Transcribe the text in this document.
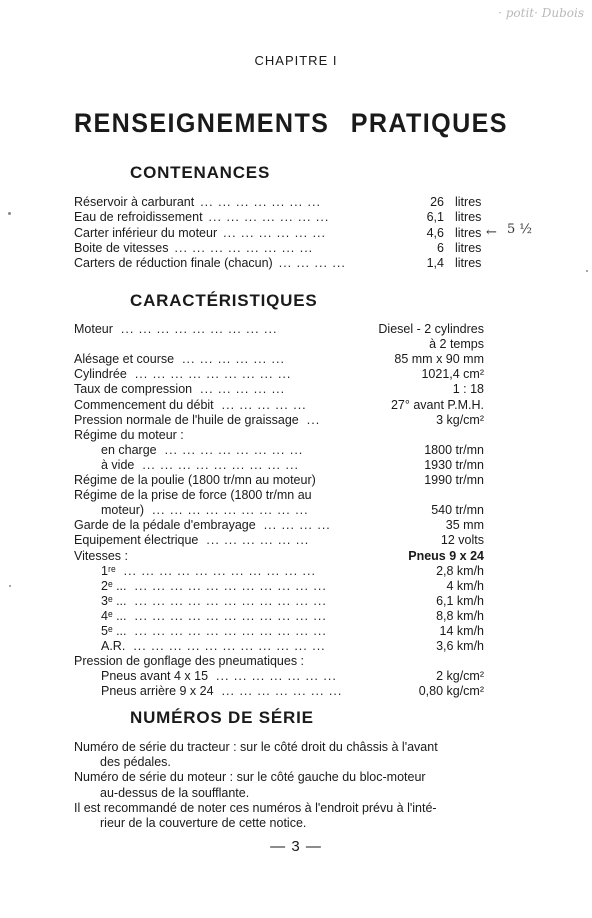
· potit· Dubois
CHAPITRE I
RENSEIGNEMENTS PRATIQUES
CONTENANCES
Réservoir à carburant ... ... ... ... ... ... ...	26 litres
Eau de refroidissement ... ... ... ... ... ... ...	6,1 litres
Carter inférieur du moteur ... ... ... ... ... ...	4,6 litres
Boite de vitesses ... ... ... ... ... ... ... ...	6 litres
Carters de réduction finale (chacun) ... ... ... ...	1,4 litres
← 5 ½
CARACTÉRISTIQUES
Moteur ... ... ... ... ... ... ... ... ...	Diesel - 2 cylindres
à 2 temps
Alésage et course ... ... ... ... ... ...	85 mm x 90 mm
Cylindrée ... ... ... ... ... ... ... ... ...	1021,4 cm²
Taux de compression ... ... ... ... ...	1 : 18
Commencement du débit ... ... ... ... ...	27° avant P.M.H.
Pression normale de l'huile de graissage ...	3 kg/cm²
Régime du moteur :
en charge ... ... ... ... ... ... ... ...	1800 tr/mn
à vide ... ... ... ... ... ... ... ... ...	1930 tr/mn
Régime de la poulie (1800 tr/mn au moteur)	1990 tr/mn
Régime de la prise de force (1800 tr/mn au
moteur) ... ... ... ... ... ... ... ... ...	540 tr/mn
Garde de la pédale d'embrayage ... ... ... ...	35 mm
Equipement électrique ... ... ... ... ... ...	12 volts
Vitesses :	Pneus 9 x 24
1ʳᵉ ... ... ... ... ... ... ... ... ... ... ...	2,8 km/h
2ᵉ ... ... ... ... ... ... ... ... ... ... ... ...	4 km/h
3ᵉ ... ... ... ... ... ... ... ... ... ... ... ...	6,1 km/h
4ᵉ ... ... ... ... ... ... ... ... ... ... ... ...	8,8 km/h
5ᵉ ... ... ... ... ... ... ... ... ... ... ... ...	14 km/h
A.R. ... ... ... ... ... ... ... ... ... ... ...	3,6 km/h
Pression de gonflage des pneumatiques :
Pneus avant 4 x 15 ... ... ... ... ... ... ...	2 kg/cm²
Pneus arrière 9 x 24 ... ... ... ... ... ... ...	0,80 kg/cm²
NUMÉROS DE SÉRIE
Numéro de série du tracteur : sur le côté droit du châssis à l'avant
des pédales.
Numéro de série du moteur : sur le côté gauche du bloc-moteur
au-dessus de la soufflante.
Il est recommandé de noter ces numéros à l'endroit prévu à l'inté-
rieur de la couverture de cette notice.
— 3 —
